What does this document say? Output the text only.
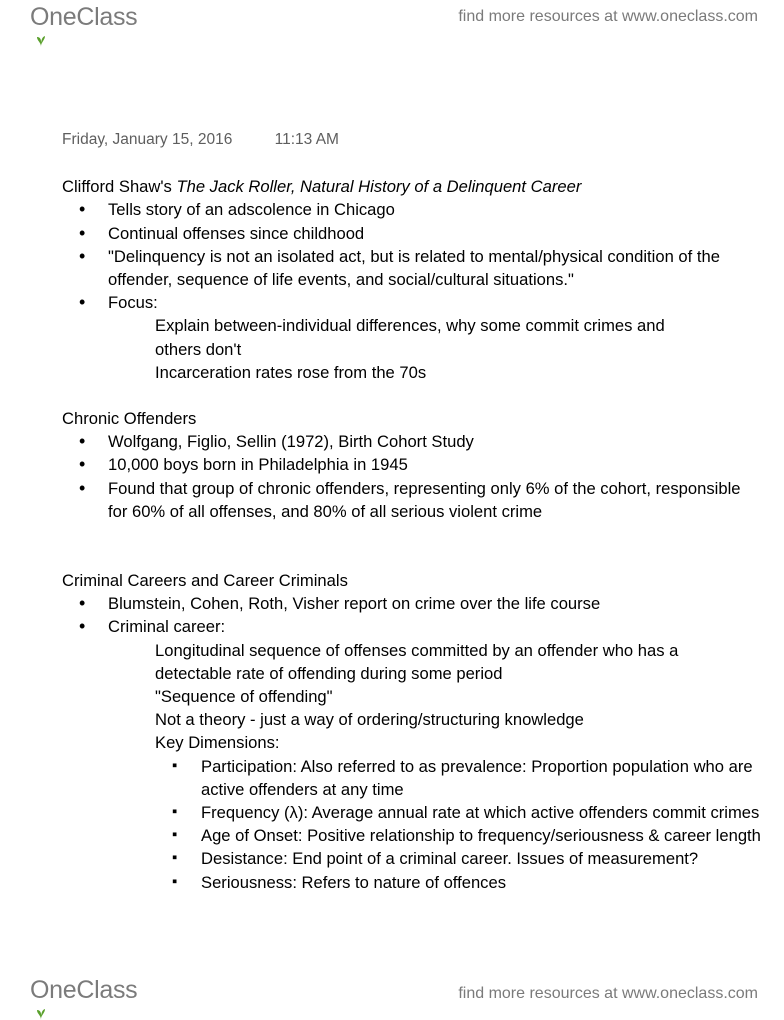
OneClass	find more resources at www.oneclass.com
Friday, January 15, 2016	11:13 AM
Clifford Shaw's The Jack Roller, Natural History of a Delinquent Career
• Tells story of an adscolence in Chicago
• Continual offenses since childhood
• "Delinquency is not an isolated act, but is related to mental/physical condition of the offender, sequence of life events, and social/cultural situations."
• Focus:
Explain between-individual differences, why some commit crimes and others don't
Incarceration rates rose from the 70s
Chronic Offenders
• Wolfgang, Figlio, Sellin (1972), Birth Cohort Study
• 10,000 boys born in Philadelphia in 1945
• Found that group of chronic offenders, representing only 6% of the cohort, responsible for 60% of all offenses, and 80% of all serious violent crime
Criminal Careers and Career Criminals
• Blumstein, Cohen, Roth, Visher report on crime over the life course
• Criminal career:
Longitudinal sequence of offenses committed by an offender who has a detectable rate of offending during some period
"Sequence of offending"
Not a theory - just a way of ordering/structuring knowledge
Key Dimensions:
▪ Participation: Also referred to as prevalence: Proportion population who are active offenders at any time
▪ Frequency (λ): Average annual rate at which active offenders commit crimes
▪ Age of Onset: Positive relationship to frequency/seriousness & career length
▪ Desistance: End point of a criminal career. Issues of measurement?
▪ Seriousness: Refers to nature of offences
OneClass	find more resources at www.oneclass.com
